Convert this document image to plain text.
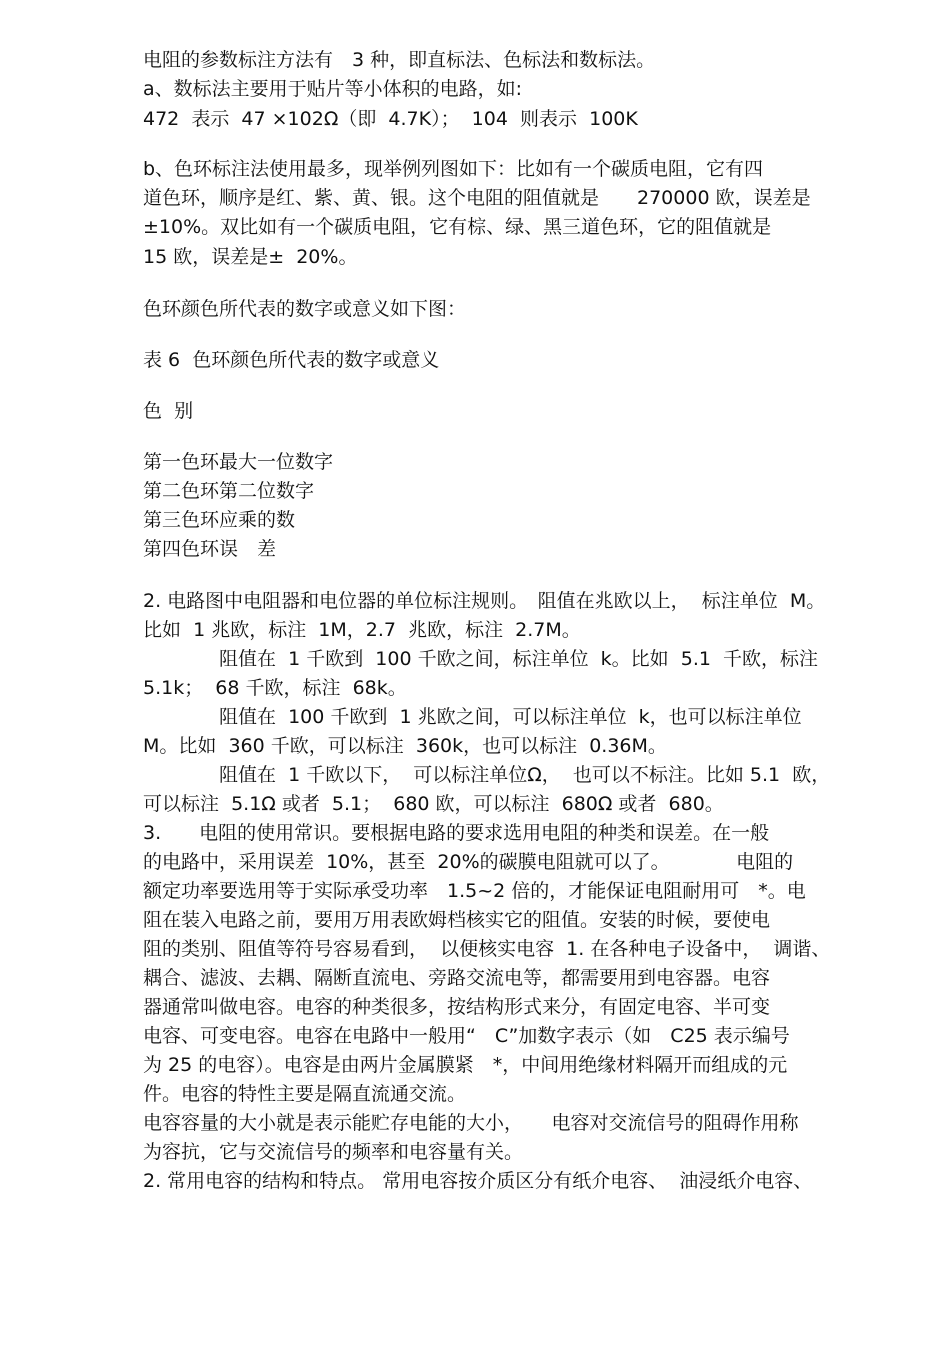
电阻的参数标注方法有　3 种，即直标法、色标法和数标法。
a、数标法主要用于贴片等小体积的电路，如:
472  表示  47 ×102Ω（即  4.7K）；  104  则表示  100K
b、色环标注法使用最多，现举例列图如下：比如有一个碳质电阻，它有四
道色环，顺序是红、紫、黄、银。这个电阻的阻值就是　　270000 欧，误差是
±10%。双比如有一个碳质电阻，它有棕、绿、黑三道色环，它的阻值就是
15 欧，误差是±  20%。
色环颜色所代表的数字或意义如下图：
表 6  色环颜色所代表的数字或意义
色  别
第一色环最大一位数字
第二色环第二位数字
第三色环应乘的数
第四色环误　差
2. 电路图中电阻器和电位器的单位标注规则。　阻值在兆欧以上，  标注单位  M。
比如  1 兆欧，标注  1M，2.7  兆欧，标注  2.7M。
　　　　阻值在  1 千欧到  100 千欧之间，标注单位  k。比如  5.1  千欧，标注
5.1k；  68 千欧，标注  68k。
　　　　阻值在  100 千欧到  1 兆欧之间，可以标注单位  k，也可以标注单位
M。比如  360 千欧，可以标注  360k，也可以标注  0.36M。
　　　　阻值在  1 千欧以下，  可以标注单位Ω，  也可以不标注。比如 5.1  欧，
可以标注  5.1Ω 或者  5.1；  680 欧，可以标注  680Ω 或者  680。
3.　　电阻的使用常识。要根据电路的要求选用电阻的种类和误差。在一般
的电路中，采用误差  10%，甚至  20%的碳膜电阻就可以了。　　　　电阻的
额定功率要选用等于实际承受功率　1.5~2 倍的，才能保证电阻耐用可　*。电
阻在装入电路之前，要用万用表欧姆档核实它的阻值。安装的时候，要使电
阻的类别、阻值等符号容易看到，  以便核实电容  1. 在各种电子设备中，  调谐、
耦合、滤波、去耦、隔断直流电、旁路交流电等，都需要用到电容器。电容
器通常叫做电容。电容的种类很多，按结构形式来分，有固定电容、半可变
电容、可变电容。电容在电路中一般用“　C”加数字表示（如　C25 表示编号
为 25 的电容）。电容是由两片金属膜紧　*，中间用绝缘材料隔开而组成的元
件。电容的特性主要是隔直流通交流。
电容容量的大小就是表示能贮存电能的大小，　　电容对交流信号的阻碍作用称
为容抗，它与交流信号的频率和电容量有关。
2. 常用电容的结构和特点。 常用电容按介质区分有纸介电容、  油浸纸介电容、
